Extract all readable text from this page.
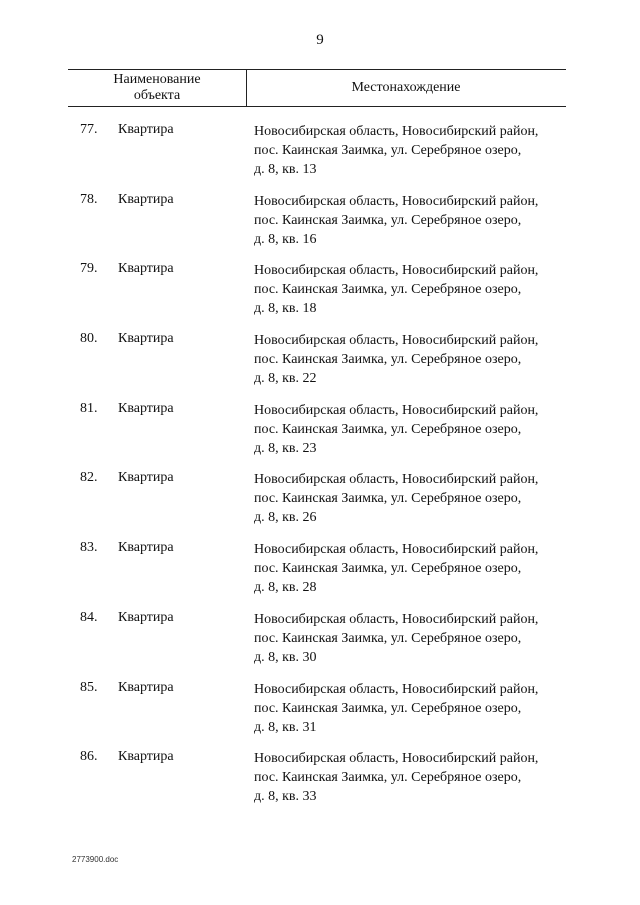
9
Наименование
объекта
Местонахождение
77.	Квартира	Новосибирская область, Новосибирский район,
пос. Каинская Заимка, ул. Серебряное озеро,
д. 8, кв. 13
78.	Квартира	Новосибирская область, Новосибирский район,
пос. Каинская Заимка, ул. Серебряное озеро,
д. 8, кв. 16
79.	Квартира	Новосибирская область, Новосибирский район,
пос. Каинская Заимка, ул. Серебряное озеро,
д. 8, кв. 18
80.	Квартира	Новосибирская область, Новосибирский район,
пос. Каинская Заимка, ул. Серебряное озеро,
д. 8, кв. 22
81.	Квартира	Новосибирская область, Новосибирский район,
пос. Каинская Заимка, ул. Серебряное озеро,
д. 8, кв. 23
82.	Квартира	Новосибирская область, Новосибирский район,
пос. Каинская Заимка, ул. Серебряное озеро,
д. 8, кв. 26
83.	Квартира	Новосибирская область, Новосибирский район,
пос. Каинская Заимка, ул. Серебряное озеро,
д. 8, кв. 28
84.	Квартира	Новосибирская область, Новосибирский район,
пос. Каинская Заимка, ул. Серебряное озеро,
д. 8, кв. 30
85.	Квартира	Новосибирская область, Новосибирский район,
пос. Каинская Заимка, ул. Серебряное озеро,
д. 8, кв. 31
86.	Квартира	Новосибирская область, Новосибирский район,
пос. Каинская Заимка, ул. Серебряное озеро,
д. 8, кв. 33
2773900.doc
